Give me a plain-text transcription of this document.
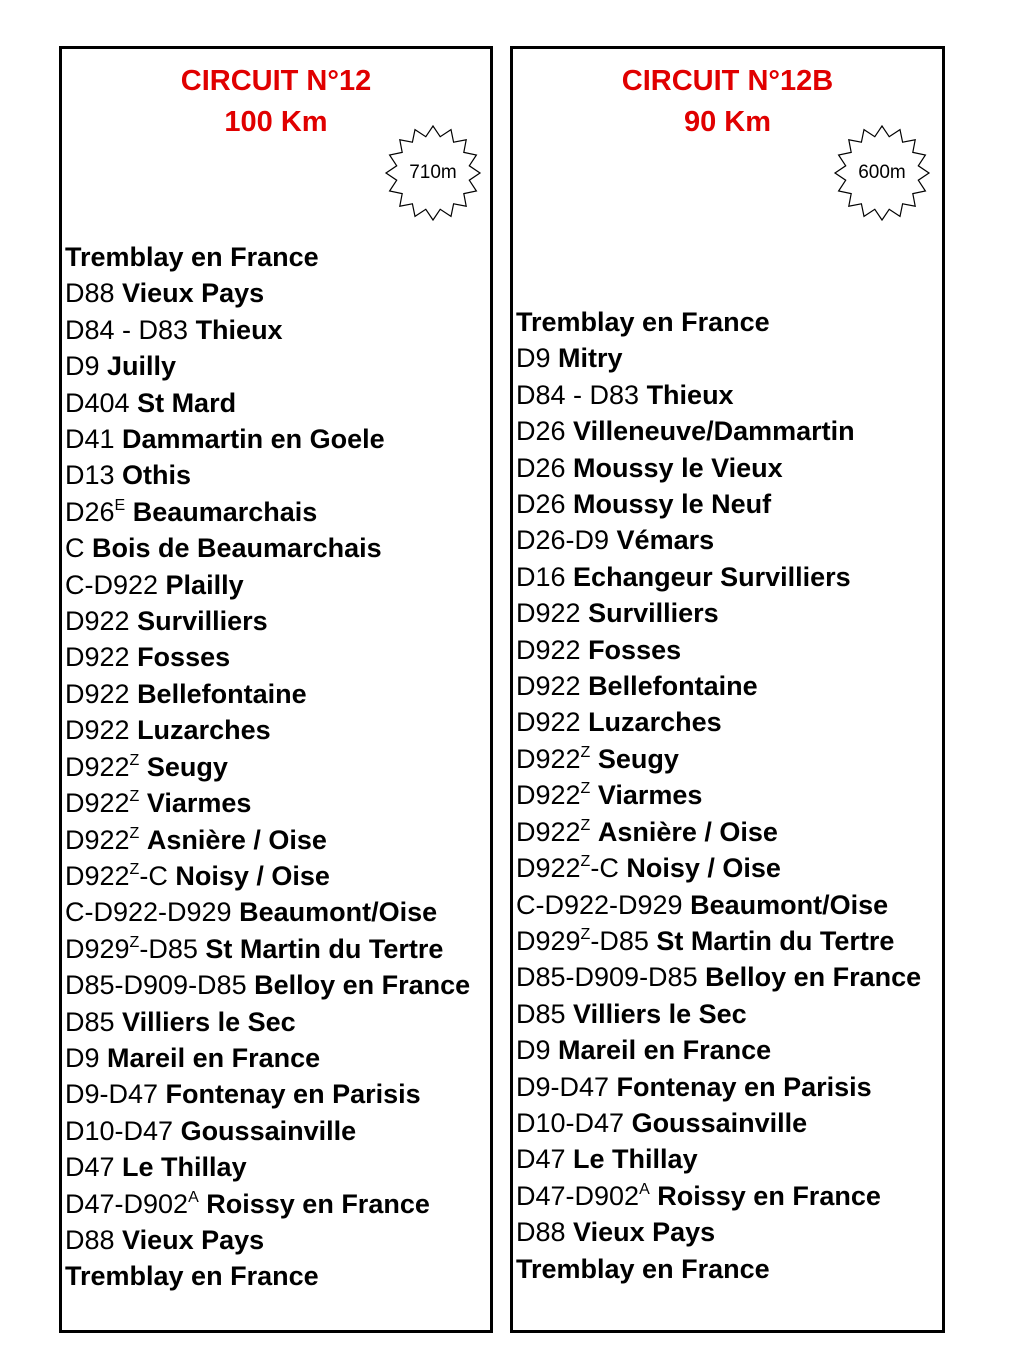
CIRCUIT N°12
100 Km
710m
Tremblay en France
D88 Vieux Pays
D84 - D83 Thieux
D9 Juilly
D404 St Mard
D41 Dammartin en Goele
D13 Othis
$D26^E$ Beaumarchais
C Bois de Beaumarchais
C-D922 Plailly
D922 Survilliers
D922 Fosses
D922 Bellefontaine
D922 Luzarches
$D922^Z$ Seugy
$D922^Z$ Viarmes
$D922^Z$ Asnière / Oise
$D922^Z-C$ Noisy / Oise
C-D922-D929 Beaumont/Oise
$D929^Z-D85$ St Martin du Tertre
D85-D909-D85 Belloy en France
D85 Villiers le Sec
D9 Mareil en France
D9-D47 Fontenay en Parisis
D10-D47 Goussainville
D47 Le Thillay
$D47-D902^A$ Roissy en France
D88 Vieux Pays
Tremblay en France
CIRCUIT N°12B
90 Km
600m
Tremblay en France
D9 Mitry
D84 - D83 Thieux
D26 Villeneuve/Dammartin
D26 Moussy le Vieux
D26 Moussy le Neuf
D26-D9 Vémars
D16 Echangeur Survilliers
D922 Survilliers
D922 Fosses
D922 Bellefontaine
D922 Luzarches
$D922^Z$ Seugy
$D922^Z$ Viarmes
$D922^Z$ Asnière / Oise
$D922^Z-C$ Noisy / Oise
C-D922-D929 Beaumont/Oise
$D929^Z-D85$ St Martin du Tertre
D85-D909-D85 Belloy en France
D85 Villiers le Sec
D9 Mareil en France
D9-D47 Fontenay en Parisis
D10-D47 Goussainville
D47 Le Thillay
$D47-D902^A$ Roissy en France
D88 Vieux Pays
Tremblay en France
